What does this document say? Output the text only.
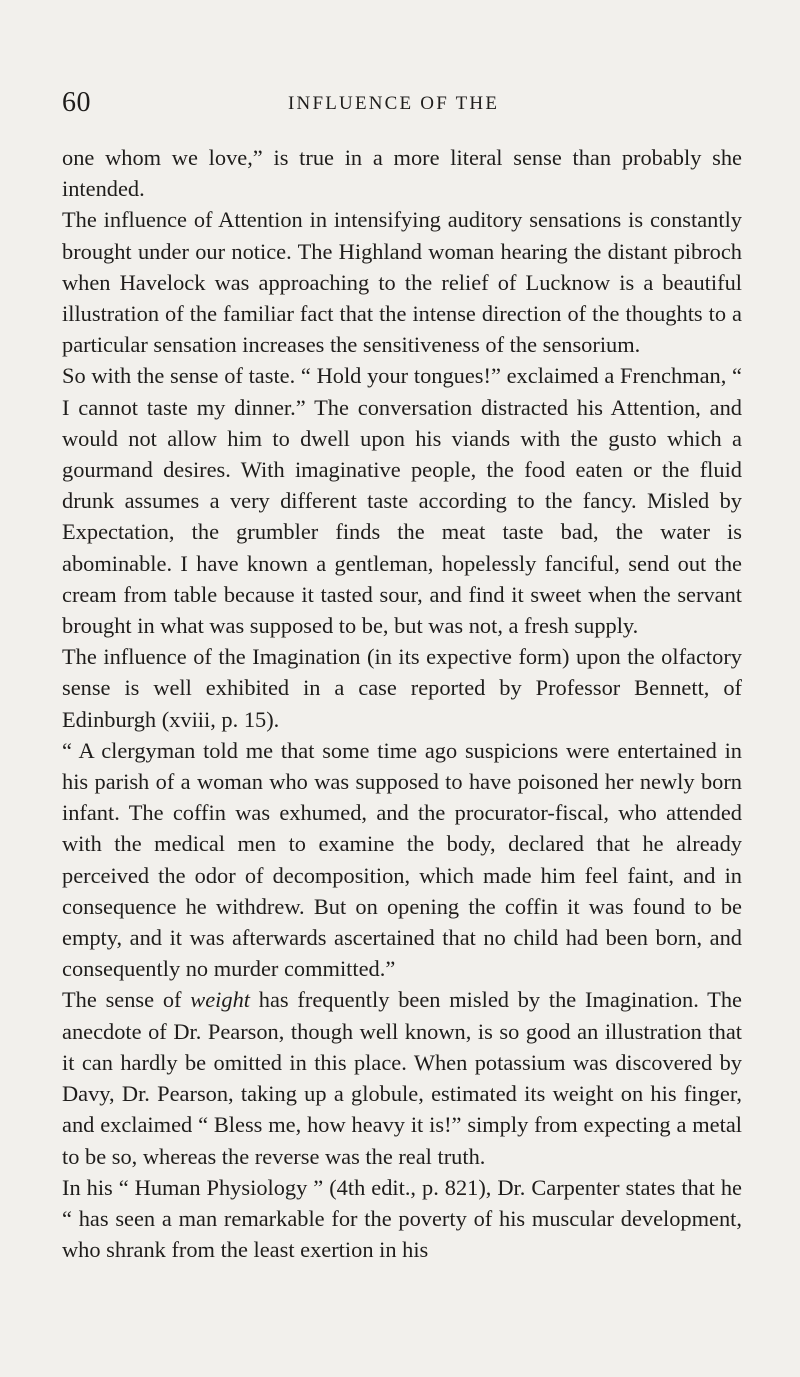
60	INFLUENCE OF THE

one whom we love,” is true in a more literal sense than probably she intended.

The influence of Attention in intensifying auditory sensations is constantly brought under our notice. The Highland woman hearing the distant pibroch when Havelock was approaching to the relief of Lucknow is a beautiful illustration of the familiar fact that the intense direction of the thoughts to a particular sensation increases the sensitiveness of the sensorium.

So with the sense of taste. “ Hold your tongues!” exclaimed a Frenchman, “ I cannot taste my dinner.” The conversation distracted his Attention, and would not allow him to dwell upon his viands with the gusto which a gourmand desires. With imaginative people, the food eaten or the fluid drunk assumes a very different taste according to the fancy. Misled by Expectation, the grumbler finds the meat taste bad, the water is abominable. I have known a gentleman, hopelessly fanciful, send out the cream from table because it tasted sour, and find it sweet when the servant brought in what was supposed to be, but was not, a fresh supply.

The influence of the Imagination (in its expective form) upon the olfactory sense is well exhibited in a case reported by Professor Bennett, of Edinburgh (xviii, p. 15).

“ A clergyman told me that some time ago suspicions were entertained in his parish of a woman who was supposed to have poisoned her newly born infant. The coffin was exhumed, and the procurator-fiscal, who attended with the medical men to examine the body, declared that he already perceived the odor of decomposition, which made him feel faint, and in consequence he withdrew. But on opening the coffin it was found to be empty, and it was afterwards ascertained that no child had been born, and consequently no murder committed.”

The sense of weight has frequently been misled by the Imagination. The anecdote of Dr. Pearson, though well known, is so good an illustration that it can hardly be omitted in this place. When potassium was discovered by Davy, Dr. Pearson, taking up a globule, estimated its weight on his finger, and exclaimed “ Bless me, how heavy it is!” simply from expecting a metal to be so, whereas the reverse was the real truth.

In his “ Human Physiology ” (4th edit., p. 821), Dr. Carpenter states that he “ has seen a man remarkable for the poverty of his muscular development, who shrank from the least exertion in his
